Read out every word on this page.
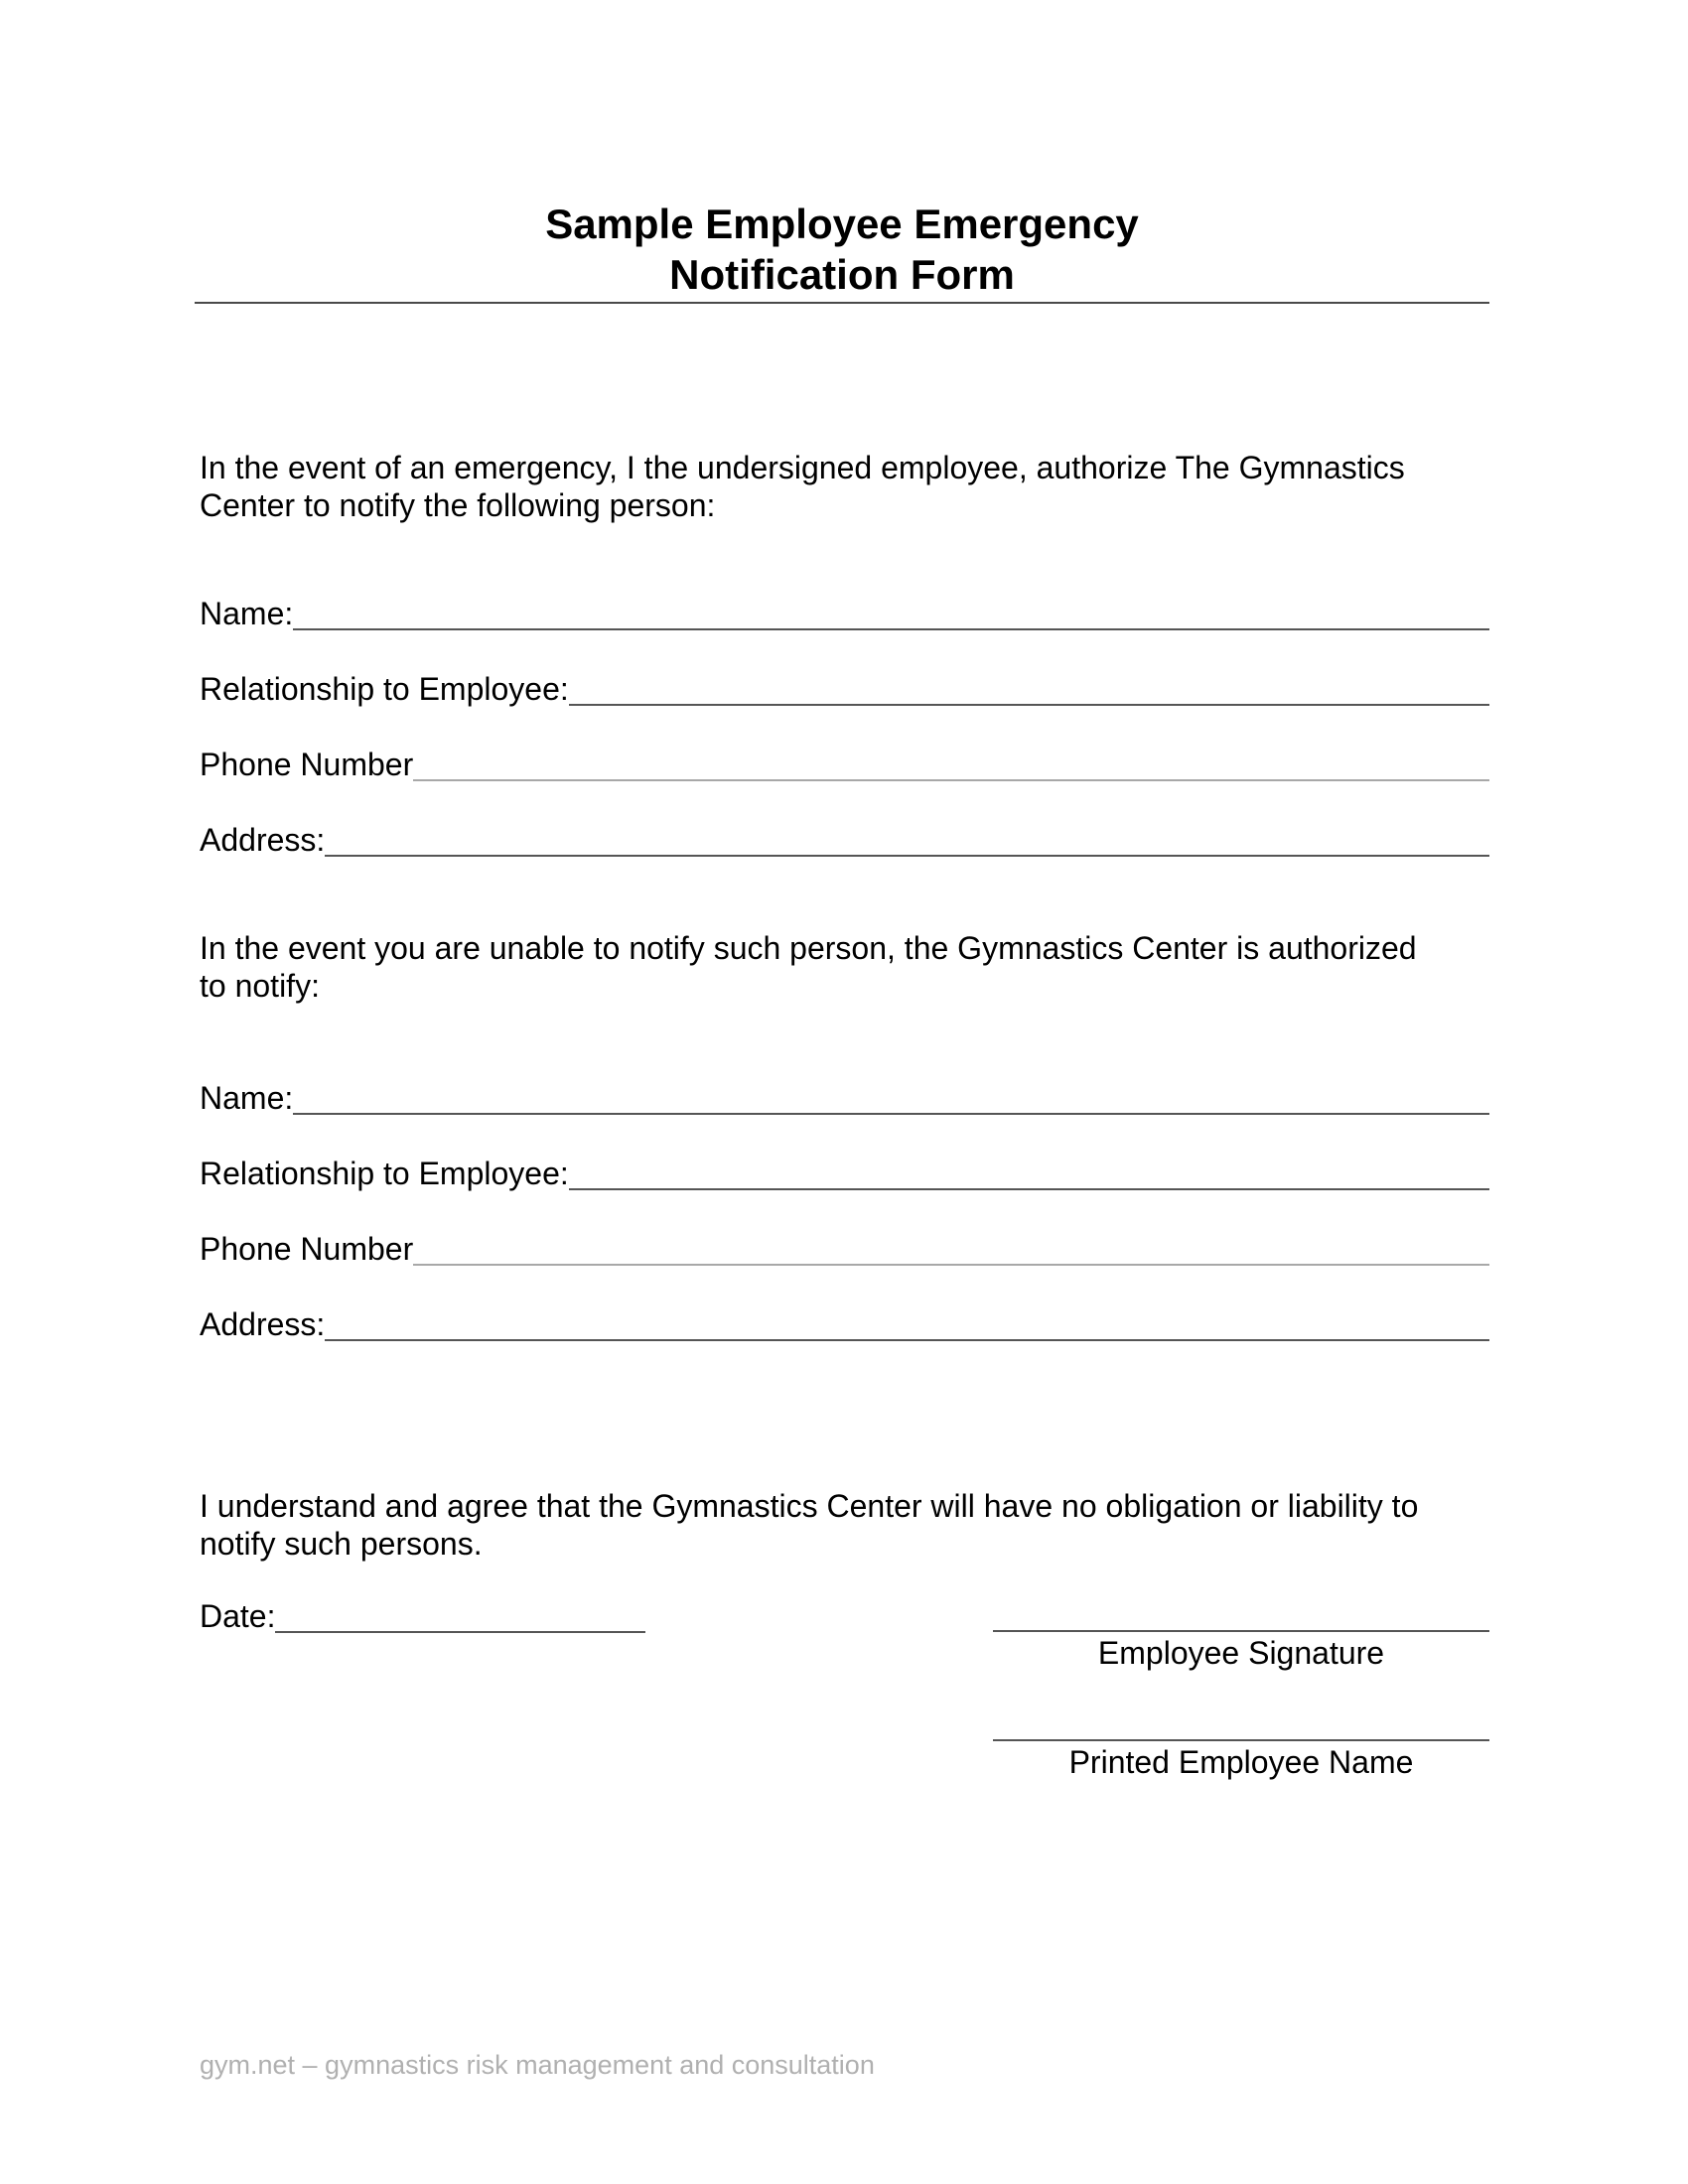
Sample Employee Emergency
Notification Form
In the event of an emergency, I the undersigned employee, authorize The Gymnastics
Center to notify the following person:
Name:
Relationship to Employee:
Phone Number
Address:
In the event you are unable to notify such person, the Gymnastics Center is authorized
to notify:
Name:
Relationship to Employee:
Phone Number
Address:
I understand and agree that the Gymnastics Center will have no obligation or liability to
notify such persons.
Date:
Employee Signature
Printed Employee Name
gym.net – gymnastics risk management and consultation
